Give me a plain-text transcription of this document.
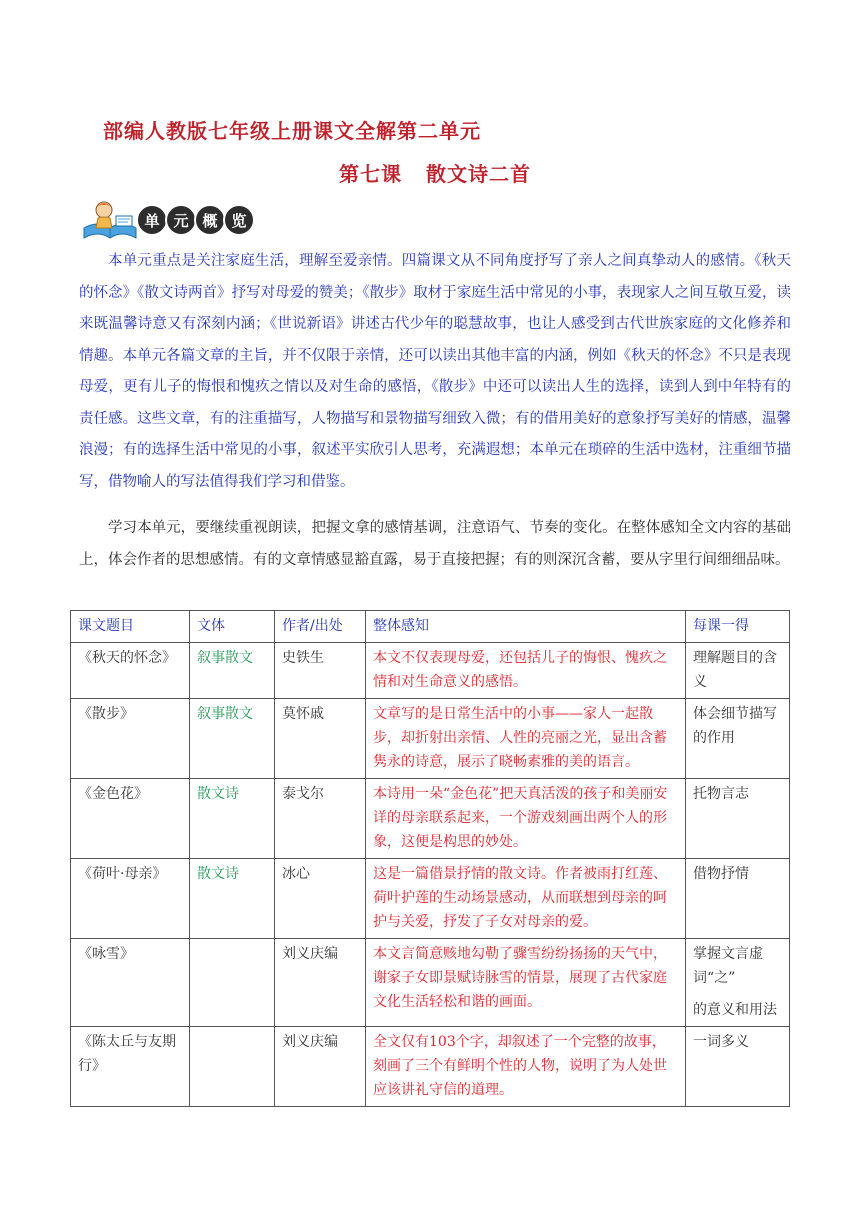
部编人教版七年级上册课文全解第二单元
第七课 散文诗二首
单 元 概 览

本单元重点是关注家庭生活，理解至爱亲情。四篇课文从不同角度抒写了亲人之间真挚动人的感情。《秋天的怀念》《散文诗两首》抒写对母爱的赞美；《散步》取材于家庭生活中常见的小事，表现家人之间互敬互爱，读来既温馨诗意又有深刻内涵；《世说新语》讲述古代少年的聪慧故事，也让人感受到古代世族家庭的文化修养和情趣。本单元各篇文章的主旨，并不仅限于亲情，还可以读出其他丰富的内涵，例如《秋天的怀念》不只是表现母爱，更有儿子的悔恨和愧疚之情以及对生命的感悟，《散步》中还可以读出人生的选择，读到人到中年特有的责任感。这些文章，有的注重描写，人物描写和景物描写细致入微；有的借用美好的意象抒写美好的情感，温馨浪漫；有的选择生活中常见的小事，叙述平实欣引人思考，充满遐想；本单元在琐碎的生活中选材，注重细节描写，借物喻人的写法值得我们学习和借鉴。

学习本单元，要继续重视朗读，把握文拿的感情基调，注意语气、节奏的变化。在整体感知全文内容的基础上，体会作者的思想感情。有的文章情感显豁直露，易于直接把握；有的则深沉含蓄，要从字里行间细细品味。

课文题目	文体	作者/出处	整体感知	每课一得
《秋天的怀念》	叙事散文	史铁生	本文不仅表现母爱，还包括儿子的悔恨、愧疚之情和对生命意义的感悟。	理解题目的含义
《散步》	叙事散文	莫怀戚	文章写的是日常生活中的小事——家人一起散步，却折射出亲情、人性的亮丽之光，显出含蓄隽永的诗意，展示了晓畅素雅的美的语言。	体会细节描写的作用
《金色花》	散文诗	泰戈尔	本诗用一朵“金色花”把天真活泼的孩子和美丽安详的母亲联系起来，一个游戏刻画出两个人的形象，这便是构思的妙处。	托物言志
《荷叶·母亲》	散文诗	冰心	这是一篇借景抒情的散文诗。作者被雨打红莲、荷叶护莲的生动场景感动，从而联想到母亲的呵护与关爱，抒发了子女对母亲的爱。	借物抒情
《咏雪》		刘义庆编	本文言简意赅地勾勒了骤雪纷纷扬扬的天气中，谢家子女即景赋诗脉雪的情景，展现了古代家庭文化生活轻松和谐的画面。	掌握文言虚词“之”
的意义和用法

《陈太丘与友期行》		刘义庆编	全文仅有103个字，却叙述了一个完整的故事，刻画了三个有鲜明个性的人物，说明了为人处世应该讲礼守信的道理。	一词多义
